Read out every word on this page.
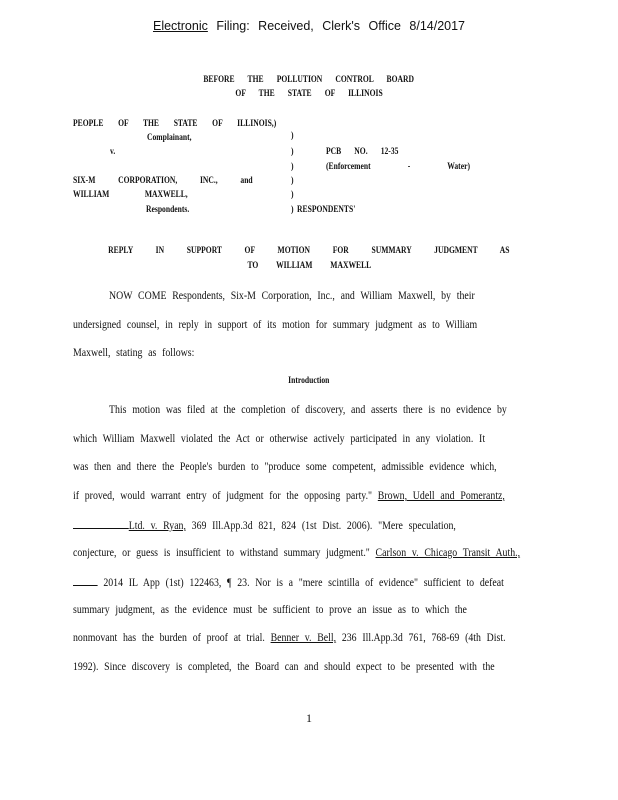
Electronic Filing: Received, Clerk's Office 8/14/2017
BEFORE THE POLLUTION CONTROL BOARD
OF THE STATE OF ILLINOIS
PEOPLE OF THE STATE OF ILLINOIS,)
Complainant,	)
v.	)	PCB NO. 12-35
)	(Enforcement - Water)
SIX-M CORPORATION, INC., and	)
WILLIAM MAXWELL,	)
Respondents.	) RESPONDENTS'
REPLY IN SUPPORT OF MOTION FOR SUMMARY JUDGMENT AS
TO WILLIAM MAXWELL
NOW COME Respondents, Six-M Corporation, Inc., and William Maxwell, by their
undersigned counsel, in reply in support of its motion for summary judgment as to William
Maxwell, stating as follows:
Introduction
This motion was filed at the completion of discovery, and asserts there is no evidence by
which William Maxwell violated the Act or otherwise actively participated in any violation. It
was then and there the People's burden to "produce some competent, admissible evidence which,
if proved, would warrant entry of judgment for the opposing party." Brown, Udell and Pomerantz,
Ltd. v. Ryan, 369 Ill.App.3d 821, 824 (1st Dist. 2006). "Mere speculation,
conjecture, or guess is insufficient to withstand summary judgment." Carlson v. Chicago Transit Auth.,
2014 IL App (1st) 122463, ¶ 23. Nor is a "mere scintilla of evidence" sufficient to defeat
summary judgment, as the evidence must be sufficient to prove an issue as to which the
nonmovant has the burden of proof at trial. Benner v. Bell, 236 Ill.App.3d 761, 768-69 (4th Dist.
1992). Since discovery is completed, the Board can and should expect to be presented with the
1
